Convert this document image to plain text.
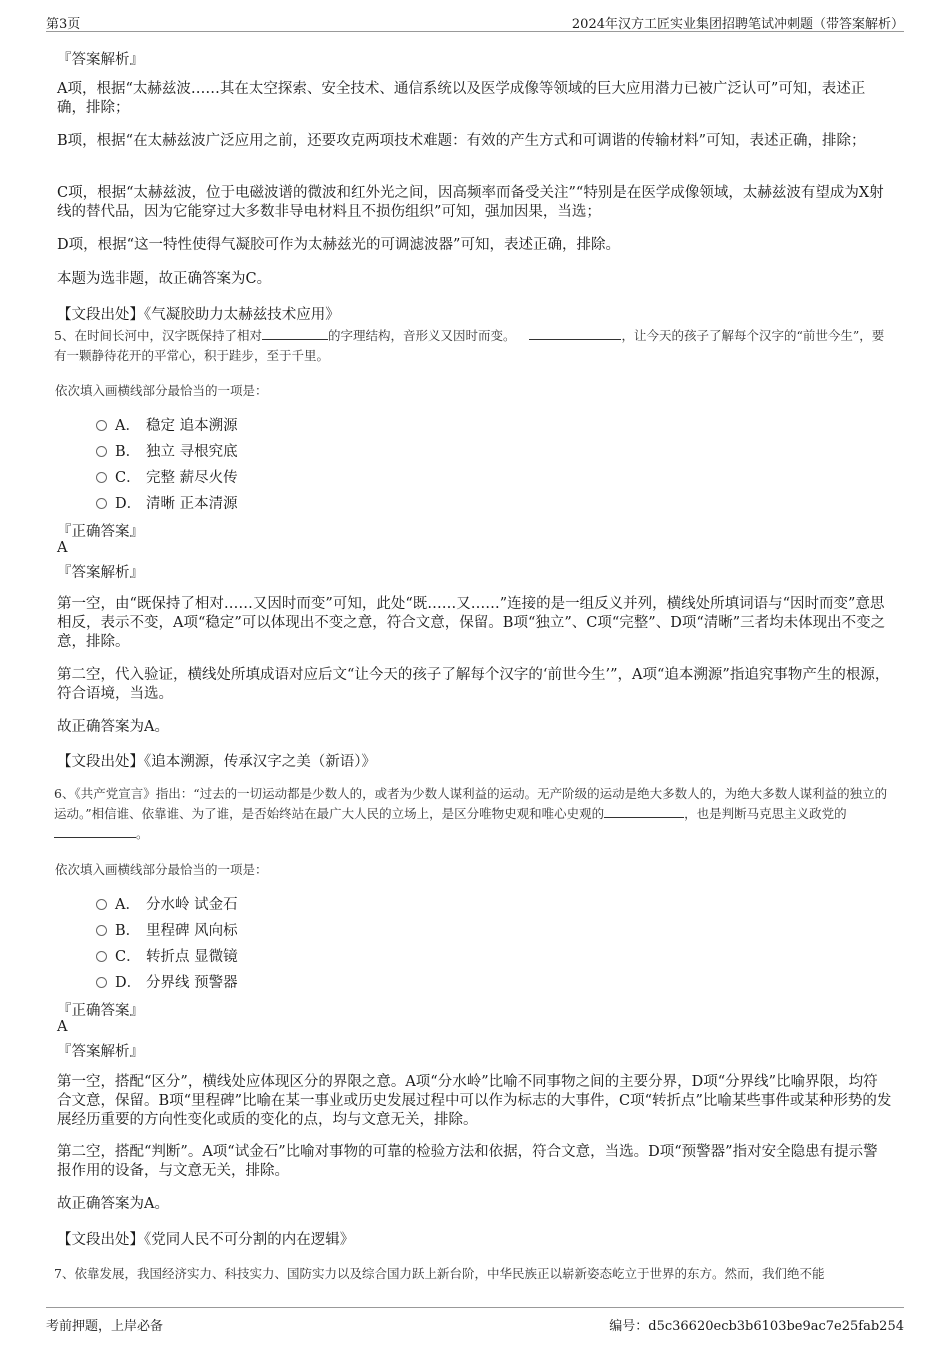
第3页	2024年汉方工匠实业集团招聘笔试冲刺题（带答案解析）
『答案解析』
A项，根据“太赫兹波……其在太空探索、安全技术、通信系统以及医学成像等领域的巨大应用潜力已被广泛认可”可知，表述正确，排除；
B项，根据“在太赫兹波广泛应用之前，还要攻克两项技术难题：有效的产生方式和可调谐的传输材料”可知，表述正确，排除；
C项，根据“太赫兹波，位于电磁波谱的微波和红外光之间，因高频率而备受关注”“特别是在医学成像领域，太赫兹波有望成为X射线的替代品，因为它能穿过大多数非导电材料且不损伤组织”可知，强加因果，当选；
D项，根据“这一特性使得气凝胶可作为太赫兹光的可调滤波器”可知，表述正确，排除。
本题为选非题，故正确答案为C。
【文段出处】《气凝胶助力太赫兹技术应用》
5、在时间长河中，汉字既保持了相对	的字理结构，音形义又因时而变。	，让今天的孩子了解每个汉字的“前世今生”，要有一颗静待花开的平常心，积于跬步，至于千里。
依次填入画横线部分最恰当的一项是：
A． 稳定 追本溯源
B． 独立 寻根究底
C． 完整 薪尽火传
D． 清晰 正本清源
『正确答案』
A
『答案解析』
第一空，由“既保持了相对……又因时而变”可知，此处“既……又……”连接的是一组反义并列，横线处所填词语与“因时而变”意思相反，表示不变，A项“稳定”可以体现出不变之意，符合文意，保留。B项“独立”、C项“完整”、D项“清晰”三者均未体现出不变之意，排除。
第二空，代入验证，横线处所填成语对应后文“让今天的孩子了解每个汉字的‘前世今生’”，A项“追本溯源”指追究事物产生的根源，符合语境，当选。
故正确答案为A。
【文段出处】《追本溯源，传承汉字之美（新语）》
6、《共产党宣言》指出：“过去的一切运动都是少数人的，或者为少数人谋利益的运动。无产阶级的运动是绝大多数人的，为绝大多数人谋利益的独立的运动。”相信谁、依靠谁、为了谁，是否始终站在最广大人民的立场上，是区分唯物史观和唯心史观的	，也是判断马克思主义政党的。
依次填入画横线部分最恰当的一项是：
A． 分水岭 试金石
B． 里程碑 风向标
C． 转折点 显微镜
D． 分界线 预警器
『正确答案』
A
『答案解析』
第一空，搭配“区分”，横线处应体现区分的界限之意。A项“分水岭”比喻不同事物之间的主要分界，D项“分界线”比喻界限，均符合文意，保留。B项“里程碑”比喻在某一事业或历史发展过程中可以作为标志的大事件，C项“转折点”比喻某些事件或某种形势的发展经历重要的方向性变化或质的变化的点，均与文意无关，排除。
第二空，搭配“判断”。A项“试金石”比喻对事物的可靠的检验方法和依据，符合文意，当选。D项“预警器”指对安全隐患有提示警报作用的设备，与文意无关，排除。
故正确答案为A。
【文段出处】《党同人民不可分割的内在逻辑》
7、依靠发展，我国经济实力、科技实力、国防实力以及综合国力跃上新台阶，中华民族正以崭新姿态屹立于世界的东方。然而，我们绝不能
考前押题，上岸必备	编号：d5c36620ecb3b6103be9ac7e25fab254
